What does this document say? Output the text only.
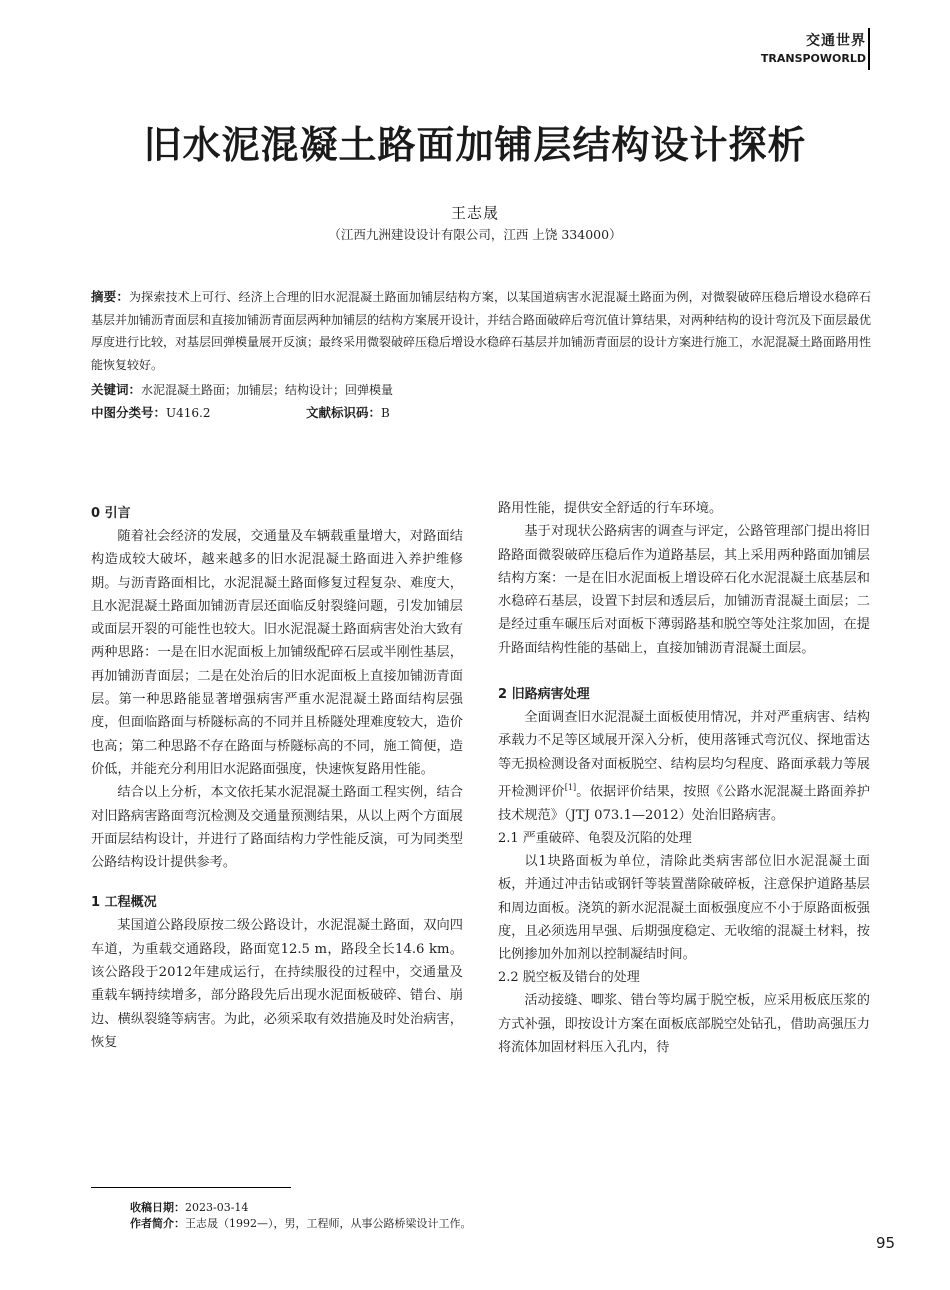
交通世界
TRANSPOWORLD
旧水泥混凝土路面加铺层结构设计探析
王志晟
（江西九洲建设设计有限公司，江西 上饶 334000）
摘要：为探索技术上可行、经济上合理的旧水泥混凝土路面加铺层结构方案，以某国道病害水泥混凝土路面为例，对微裂破碎压稳后增设水稳碎石基层并加铺沥青面层和直接加铺沥青面层两种加铺层的结构方案展开设计，并结合路面破碎后弯沉值计算结果，对两种结构的设计弯沉及下面层最优厚度进行比较，对基层回弹模量展开反演；最终采用微裂破碎压稳后增设水稳碎石基层并加铺沥青面层的设计方案进行施工，水泥混凝土路面路用性能恢复较好。
关键词：水泥混凝土路面；加铺层；结构设计；回弹模量
中图分类号：U416.2	文献标识码：B
0 引言

随着社会经济的发展，交通量及车辆载重量增大，对路面结构造成较大破坏，越来越多的旧水泥混凝土路面进入养护维修期。与沥青路面相比，水泥混凝土路面修复过程复杂、难度大，且水泥混凝土路面加铺沥青层还面临反射裂缝问题，引发加铺层或面层开裂的可能性也较大。旧水泥混凝土路面病害处治大致有两种思路：一是在旧水泥面板上加铺级配碎石层或半刚性基层，再加铺沥青面层；二是在处治后的旧水泥面板上直接加铺沥青面层。第一种思路能显著增强病害严重水泥混凝土路面结构层强度，但面临路面与桥隧标高的不同并且桥隧处理难度较大，造价也高；第二种思路不存在路面与桥隧标高的不同，施工简便，造价低，并能充分利用旧水泥路面强度，快速恢复路用性能。

结合以上分析，本文依托某水泥混凝土路面工程实例，结合对旧路病害路面弯沉检测及交通量预测结果，从以上两个方面展开面层结构设计，并进行了路面结构力学性能反演，可为同类型公路结构设计提供参考。

1 工程概况

某国道公路段原按二级公路设计，水泥混凝土路面，双向四车道，为重载交通路段，路面宽12.5 m，路段全长14.6 km。该公路段于2012年建成运行，在持续服役的过程中，交通量及重载车辆持续增多，部分路段先后出现水泥面板破碎、错台、崩边、横纵裂缝等病害。为此，必须采取有效措施及时处治病害，恢复

路用性能，提供安全舒适的行车环境。

基于对现状公路病害的调查与评定，公路管理部门提出将旧路路面微裂破碎压稳后作为道路基层，其上采用两种路面加铺层结构方案：一是在旧水泥面板上增设碎石化水泥混凝土底基层和水稳碎石基层，设置下封层和透层后，加铺沥青混凝土面层；二是经过重车碾压后对面板下薄弱路基和脱空等处注浆加固，在提升路面结构性能的基础上，直接加铺沥青混凝土面层。

2 旧路病害处理

全面调查旧水泥混凝土面板使用情况，并对严重病害、结构承载力不足等区域展开深入分析，使用落锤式弯沉仪、探地雷达等无损检测设备对面板脱空、结构层均匀程度、路面承载力等展开检测评价[1]。依据评价结果，按照《公路水泥混凝土路面养护技术规范》（JTJ 073.1—2012）处治旧路病害。

2.1 严重破碎、龟裂及沉陷的处理

以1块路面板为单位，清除此类病害部位旧水泥混凝土面板，并通过冲击钻或钢钎等装置凿除破碎板，注意保护道路基层和周边面板。浇筑的新水泥混凝土面板强度应不小于原路面板强度，且必须选用早强、后期强度稳定、无收缩的混凝土材料，按比例掺加外加剂以控制凝结时间。

2.2 脱空板及错台的处理

活动接缝、唧浆、错台等均属于脱空板，应采用板底压浆的方式补强，即按设计方案在面板底部脱空处钻孔，借助高强压力将流体加固材料压入孔内，待

收稿日期：2023-03-14
作者简介：王志晟（1992—），男，工程师，从事公路桥梁设计工作。
95
